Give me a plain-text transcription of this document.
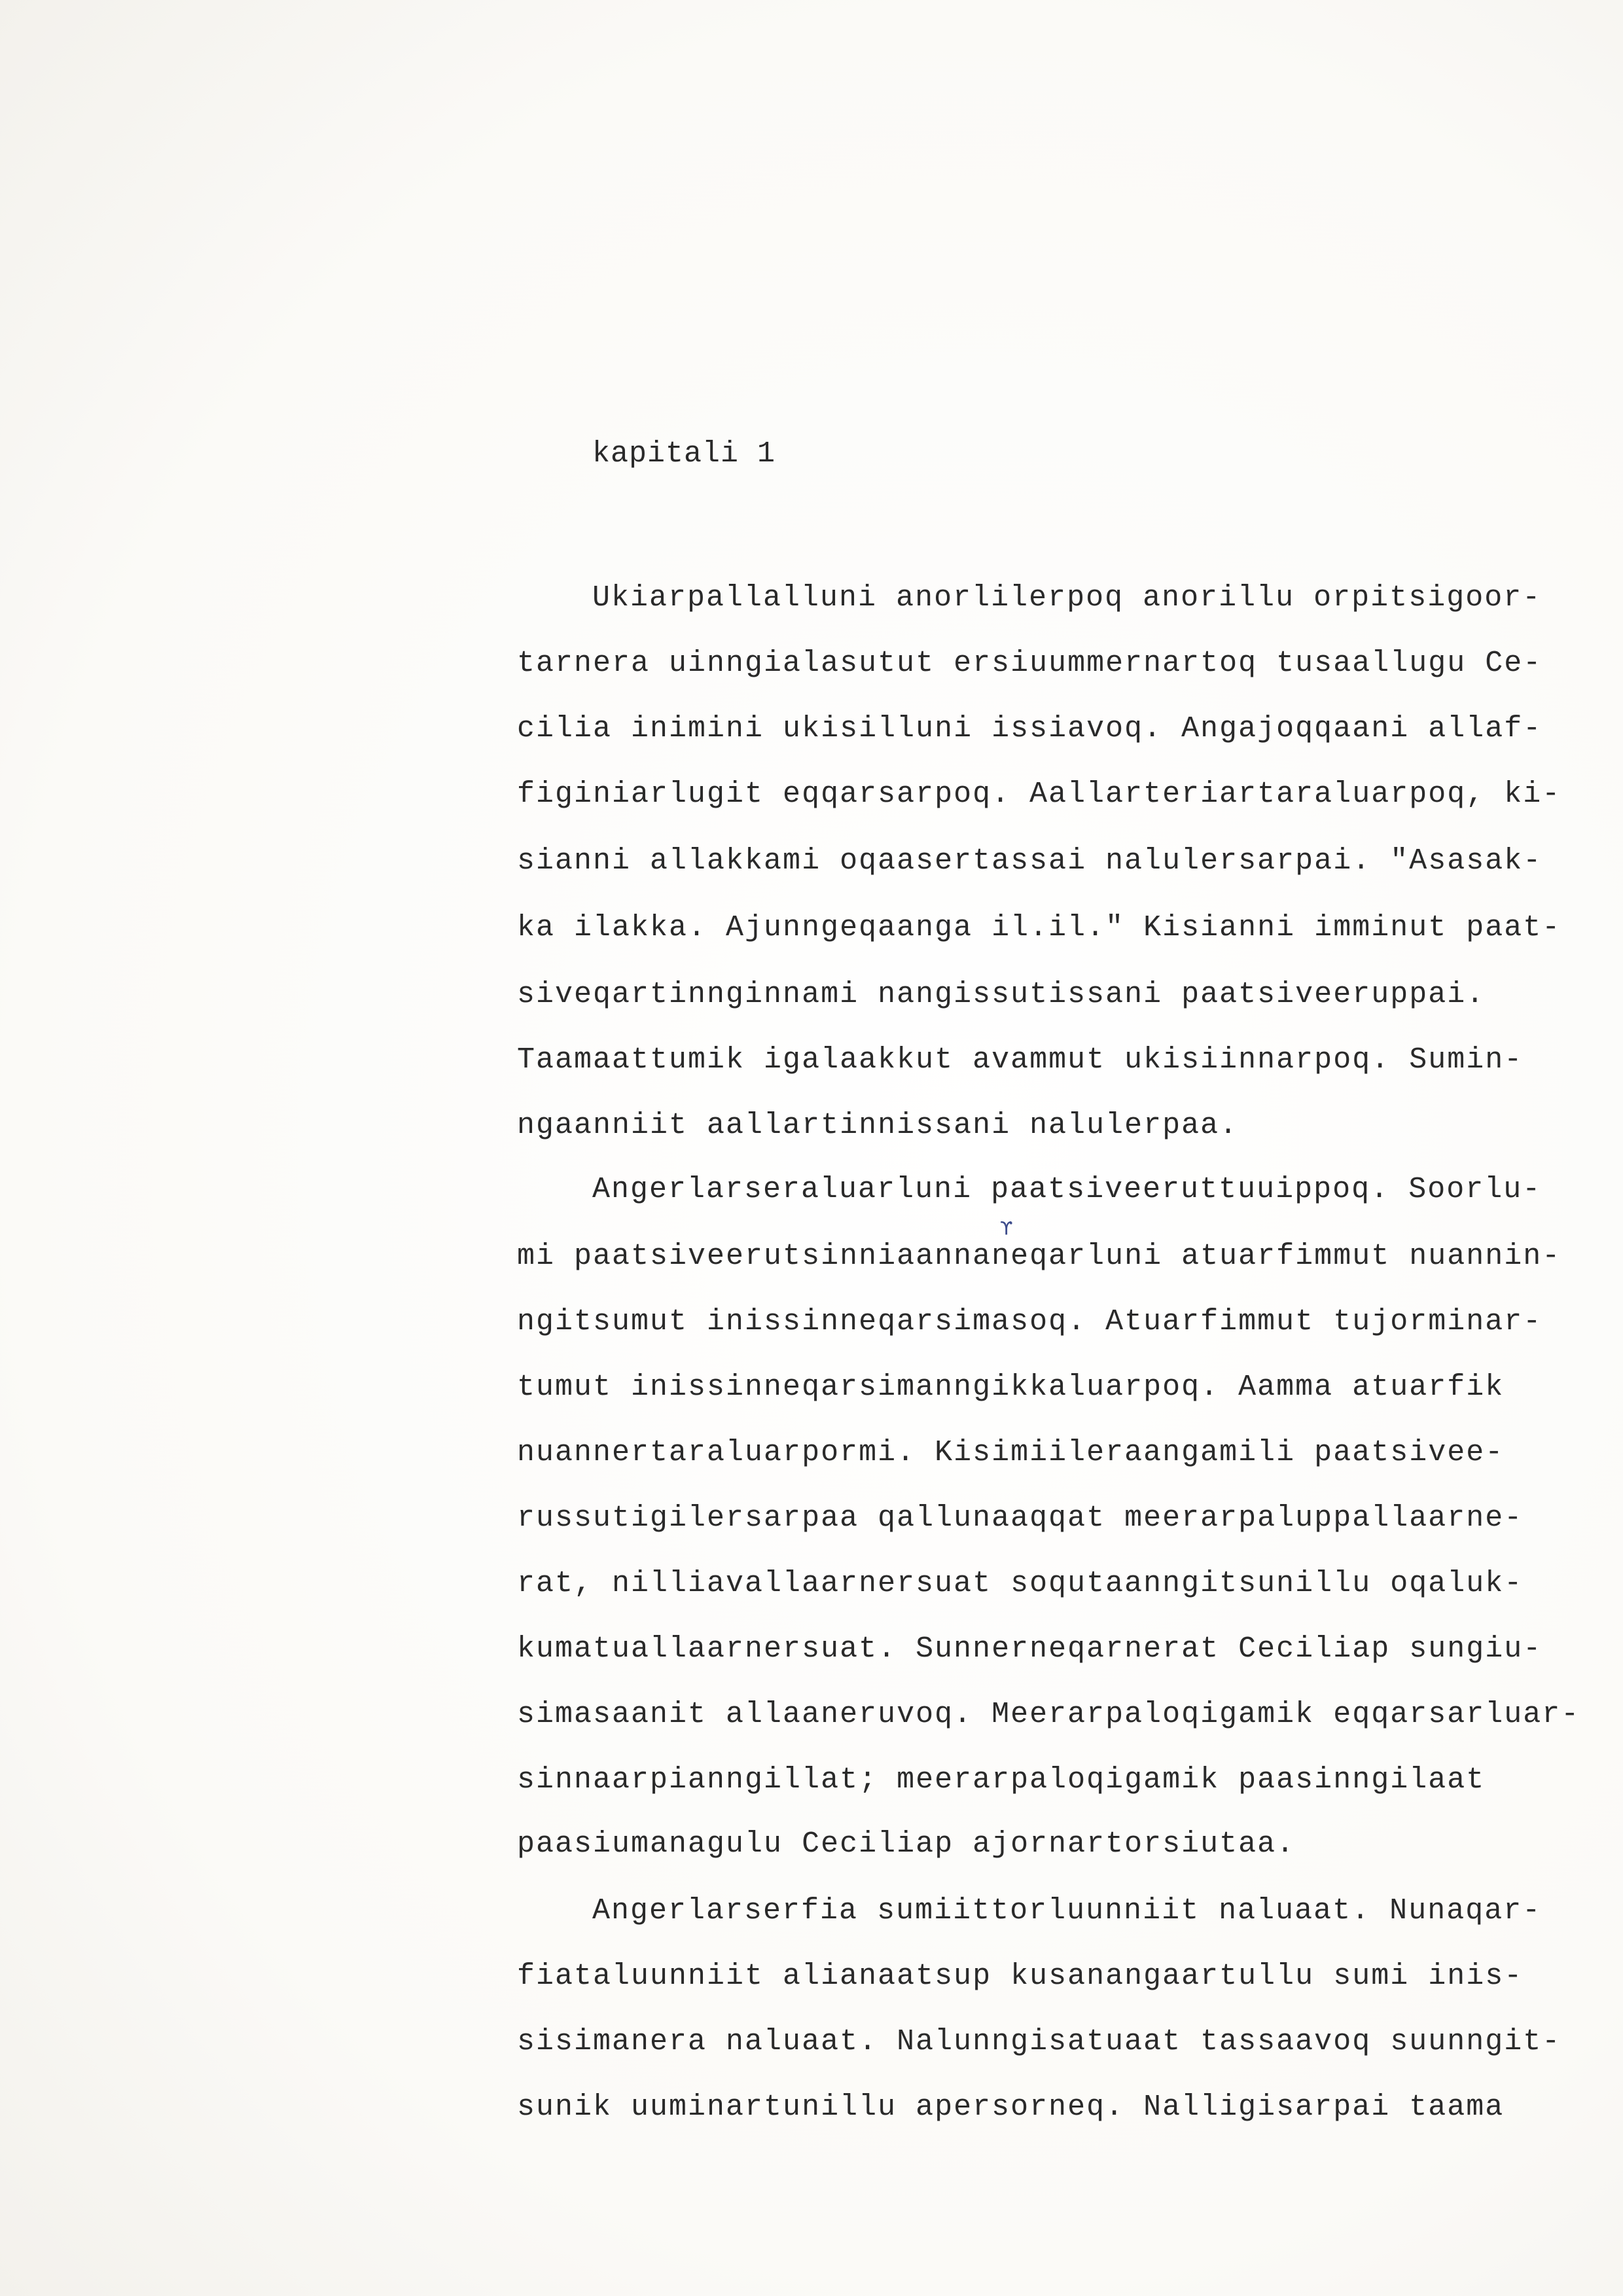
kapitali 1
Ukiarpallalluni anorlilerpoq anorillu orpitsigoor-
tarnera uinngialasutut ersiuummernartoq tusaallugu Ce-
cilia inimini ukisilluni issiavoq. Angajoqqaani allaf-
figiniarlugit eqqarsarpoq. Aallarteriartaraluarpoq, ki-
sianni allakkami oqaasertassai nalulersarpai. "Asasak-
ka ilakka. Ajunngeqaanga il.il." Kisianni imminut paat-
siveqartinnginnami nangissutissani paatsiveeruppai.
Taamaattumik igalaakkut avammut ukisiinnarpoq. Sumin-
ngaanniit aallartinnissani nalulerpaa.
Angerlarseraluarluni paatsiveeruttuuippoq. Soorlu-
mi paatsiveerutsinniaannaneqarluni atuarfimmut nuannin-
ngitsumut inissinneqarsimasoq. Atuarfimmut tujorminar-
tumut inissinneqarsimanngikkaluarpoq. Aamma atuarfik
nuannertaraluarpormi. Kisimiileraangamili paatsivee-
russutigilersarpaa qallunaaqqat meerarpaluppallaarne-
rat, nilliavallaarnersuat soqutaanngitsunillu oqaluk-
kumatuallaarnersuat. Sunnerneqarnerat Ceciliap sungiu-
simasaanit allaaneruvoq. Meerarpaloqigamik eqqarsarluar-
sinnaarpianngillat; meerarpaloqigamik paasinngilaat
paasiumanagulu Ceciliap ajornartorsiutaa.
Angerlarserfia sumiittorluunniit naluaat. Nunaqar-
fiataluunniit alianaatsup kusanangaartullu sumi inis-
sisimanera naluaat. Nalunngisatuaat tassaavoq suunngit-
sunik uuminartunillu apersorneq. Nalligisarpai taama
ϒ
